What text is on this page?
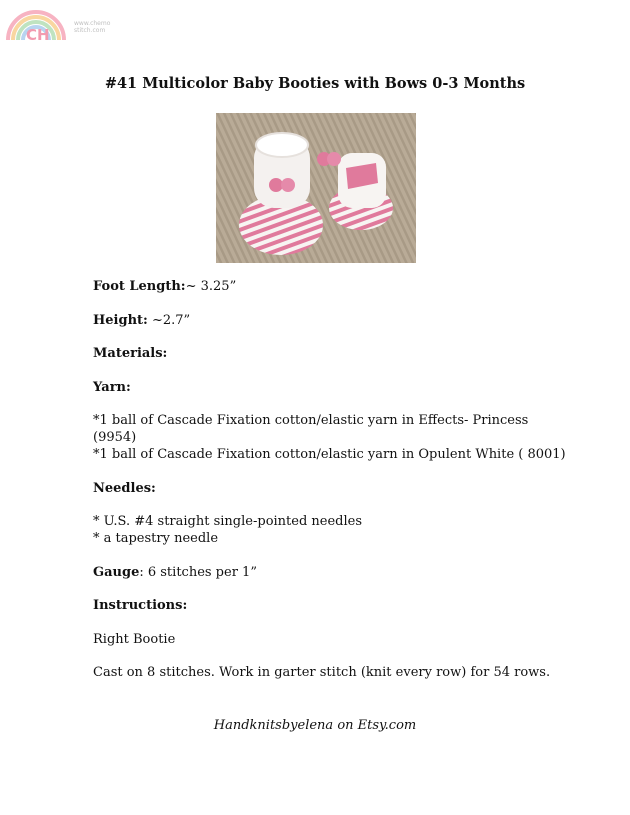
CH
www.chemo
stitch.com
#41 Multicolor Baby Booties with Bows 0-3 Months

Foot Length:~ 3.25”

Height: ~2.7”

Materials:

Yarn:

*1 ball of Cascade Fixation cotton/elastic yarn in Effects- Princess

(9954)

*1 ball of Cascade Fixation cotton/elastic yarn in Opulent White ( 8001)

Needles:

* U.S. #4 straight single-pointed needles

* a tapestry needle

Gauge: 6 stitches per 1”

Instructions:

Right Bootie

Cast on 8 stitches. Work in garter stitch (knit every row) for 54 rows.

Handknitsbyelena on Etsy.com
